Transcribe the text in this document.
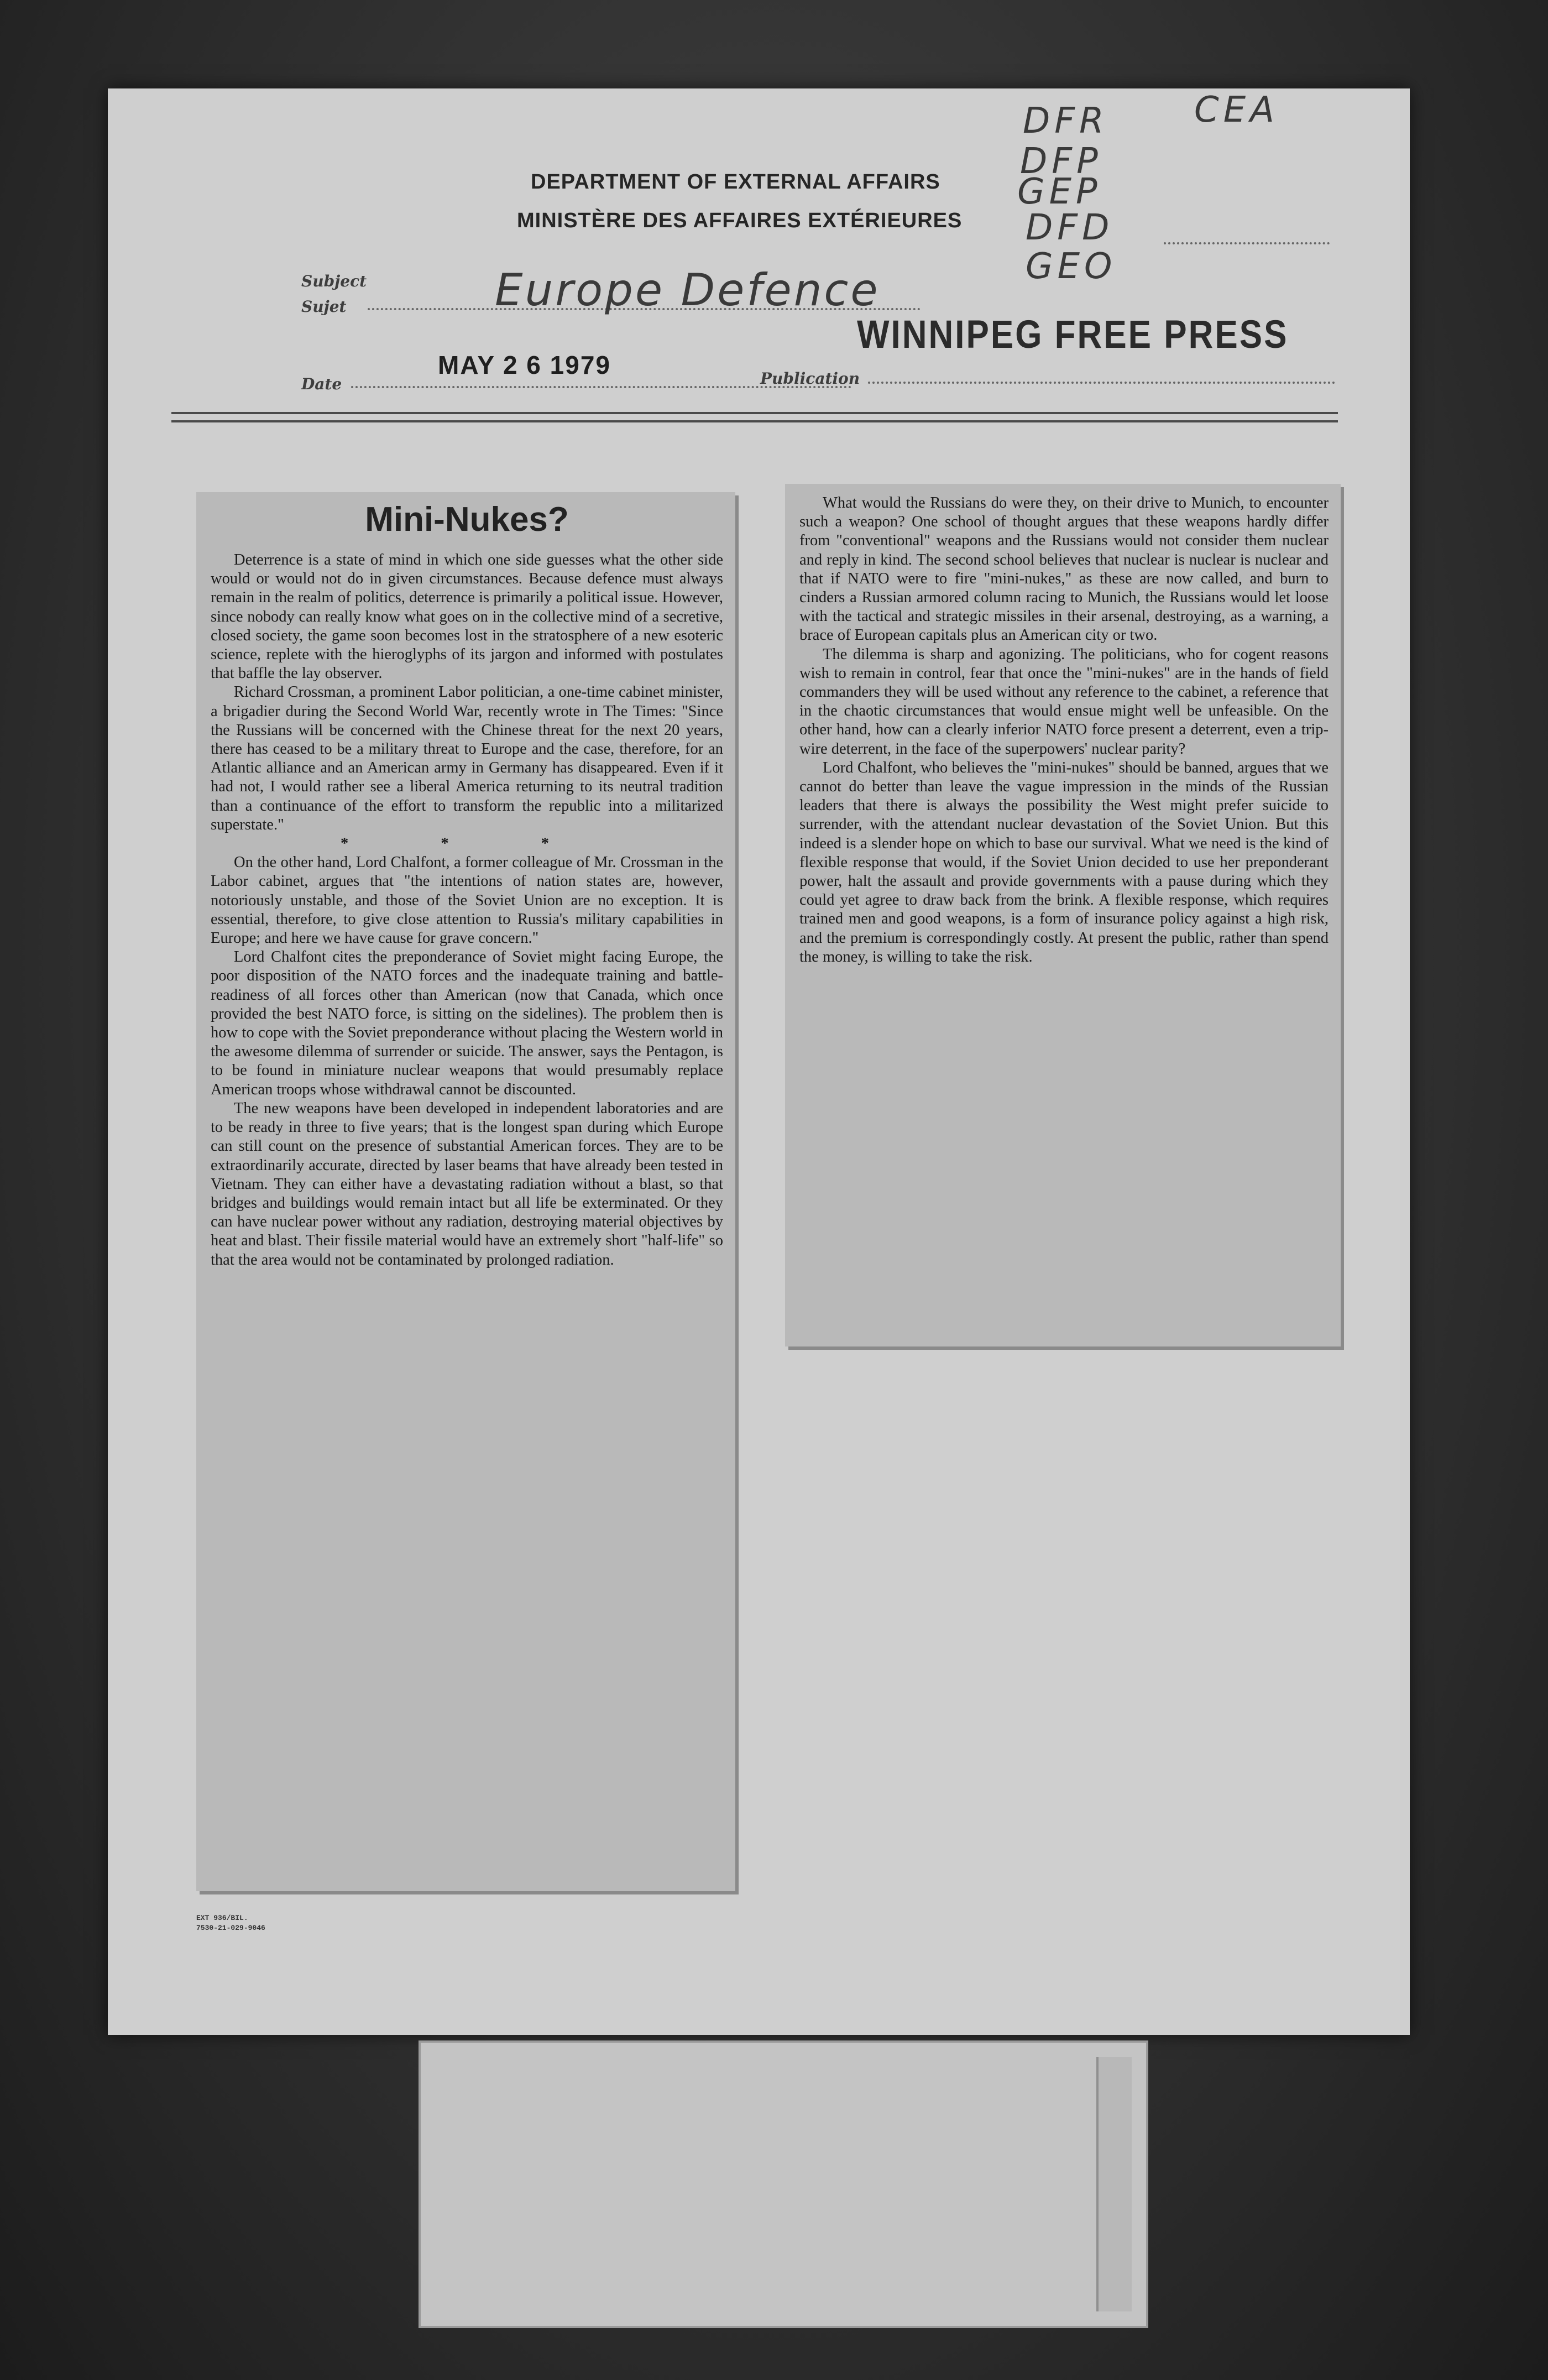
DFR
DFP
GEP
DFD
GEO
CEA
DEPARTMENT OF EXTERNAL AFFAIRS
MINISTÈRE DES AFFAIRES EXTÉRIEURES
Subject
Sujet	Europe Defence
Date
MAY 2 6 1979	Publication
WINNIPEG FREE PRESS
Mini-Nukes?

Deterrence is a state of mind in which one side guesses what the other side would or would not do in given circumstances. Because defence must always remain in the realm of politics, deterrence is primarily a political issue. However, since nobody can really know what goes on in the collective mind of a secretive, closed society, the game soon becomes lost in the stratosphere of a new esoteric science, replete with the hieroglyphs of its jargon and informed with postulates that baffle the lay observer.

Richard Crossman, a prominent Labor politician, a one-time cabinet minister, a brigadier during the Second World War, recently wrote in The Times: "Since the Russians will be concerned with the Chinese threat for the next 20 years, there has ceased to be a military threat to Europe and the case, therefore, for an Atlantic alliance and an American army in Germany has disappeared. Even if it had not, I would rather see a liberal America returning to its neutral tradition than a continuance of the effort to transform the republic into a militarized superstate."

* * *

On the other hand, Lord Chalfont, a former colleague of Mr. Crossman in the Labor cabinet, argues that "the intentions of nation states are, however, notoriously unstable, and those of the Soviet Union are no exception. It is essential, therefore, to give close attention to Russia's military capabilities in Europe; and here we have cause for grave concern."

Lord Chalfont cites the preponderance of Soviet might facing Europe, the poor disposition of the NATO forces and the inadequate training and battle-readiness of all forces other than American (now that Canada, which once provided the best NATO force, is sitting on the sidelines). The problem then is how to cope with the Soviet preponderance without placing the Western world in the awesome dilemma of surrender or suicide. The answer, says the Pentagon, is to be found in miniature nuclear weapons that would presumably replace American troops whose withdrawal cannot be discounted.

The new weapons have been developed in independent laboratories and are to be ready in three to five years; that is the longest span during which Europe can still count on the presence of substantial American forces. They are to be extraordinarily accurate, directed by laser beams that have already been tested in Vietnam. They can either have a devastating radiation without a blast, so that bridges and buildings would remain intact but all life be exterminated. Or they can have nuclear power without any radiation, destroying material objectives by heat and blast. Their fissile material would have an extremely short "half-life" so that the area would not be contaminated by prolonged radiation.

What would the Russians do were they, on their drive to Munich, to encounter such a weapon? One school of thought argues that these weapons hardly differ from "conventional" weapons and the Russians would not consider them nuclear and reply in kind. The second school believes that nuclear is nuclear is nuclear and that if NATO were to fire "mini-nukes," as these are now called, and burn to cinders a Russian armored column racing to Munich, the Russians would let loose with the tactical and strategic missiles in their arsenal, destroying, as a warning, a brace of European capitals plus an American city or two.

The dilemma is sharp and agonizing. The politicians, who for cogent reasons wish to remain in control, fear that once the "mini-nukes" are in the hands of field commanders they will be used without any reference to the cabinet, a reference that in the chaotic circumstances that would ensue might well be unfeasible. On the other hand, how can a clearly inferior NATO force present a deterrent, even a trip-wire deterrent, in the face of the superpowers' nuclear parity?

Lord Chalfont, who believes the "mini-nukes" should be banned, argues that we cannot do better than leave the vague impression in the minds of the Russian leaders that there is always the possibility the West might prefer suicide to surrender, with the attendant nuclear devastation of the Soviet Union. But this indeed is a slender hope on which to base our survival. What we need is the kind of flexible response that would, if the Soviet Union decided to use her preponderant power, halt the assault and provide governments with a pause during which they could yet agree to draw back from the brink. A flexible response, which requires trained men and good weapons, is a form of insurance policy against a high risk, and the premium is correspondingly costly. At present the public, rather than spend the money, is willing to take the risk.

EXT 936/BIL.
7530-21-029-9046
